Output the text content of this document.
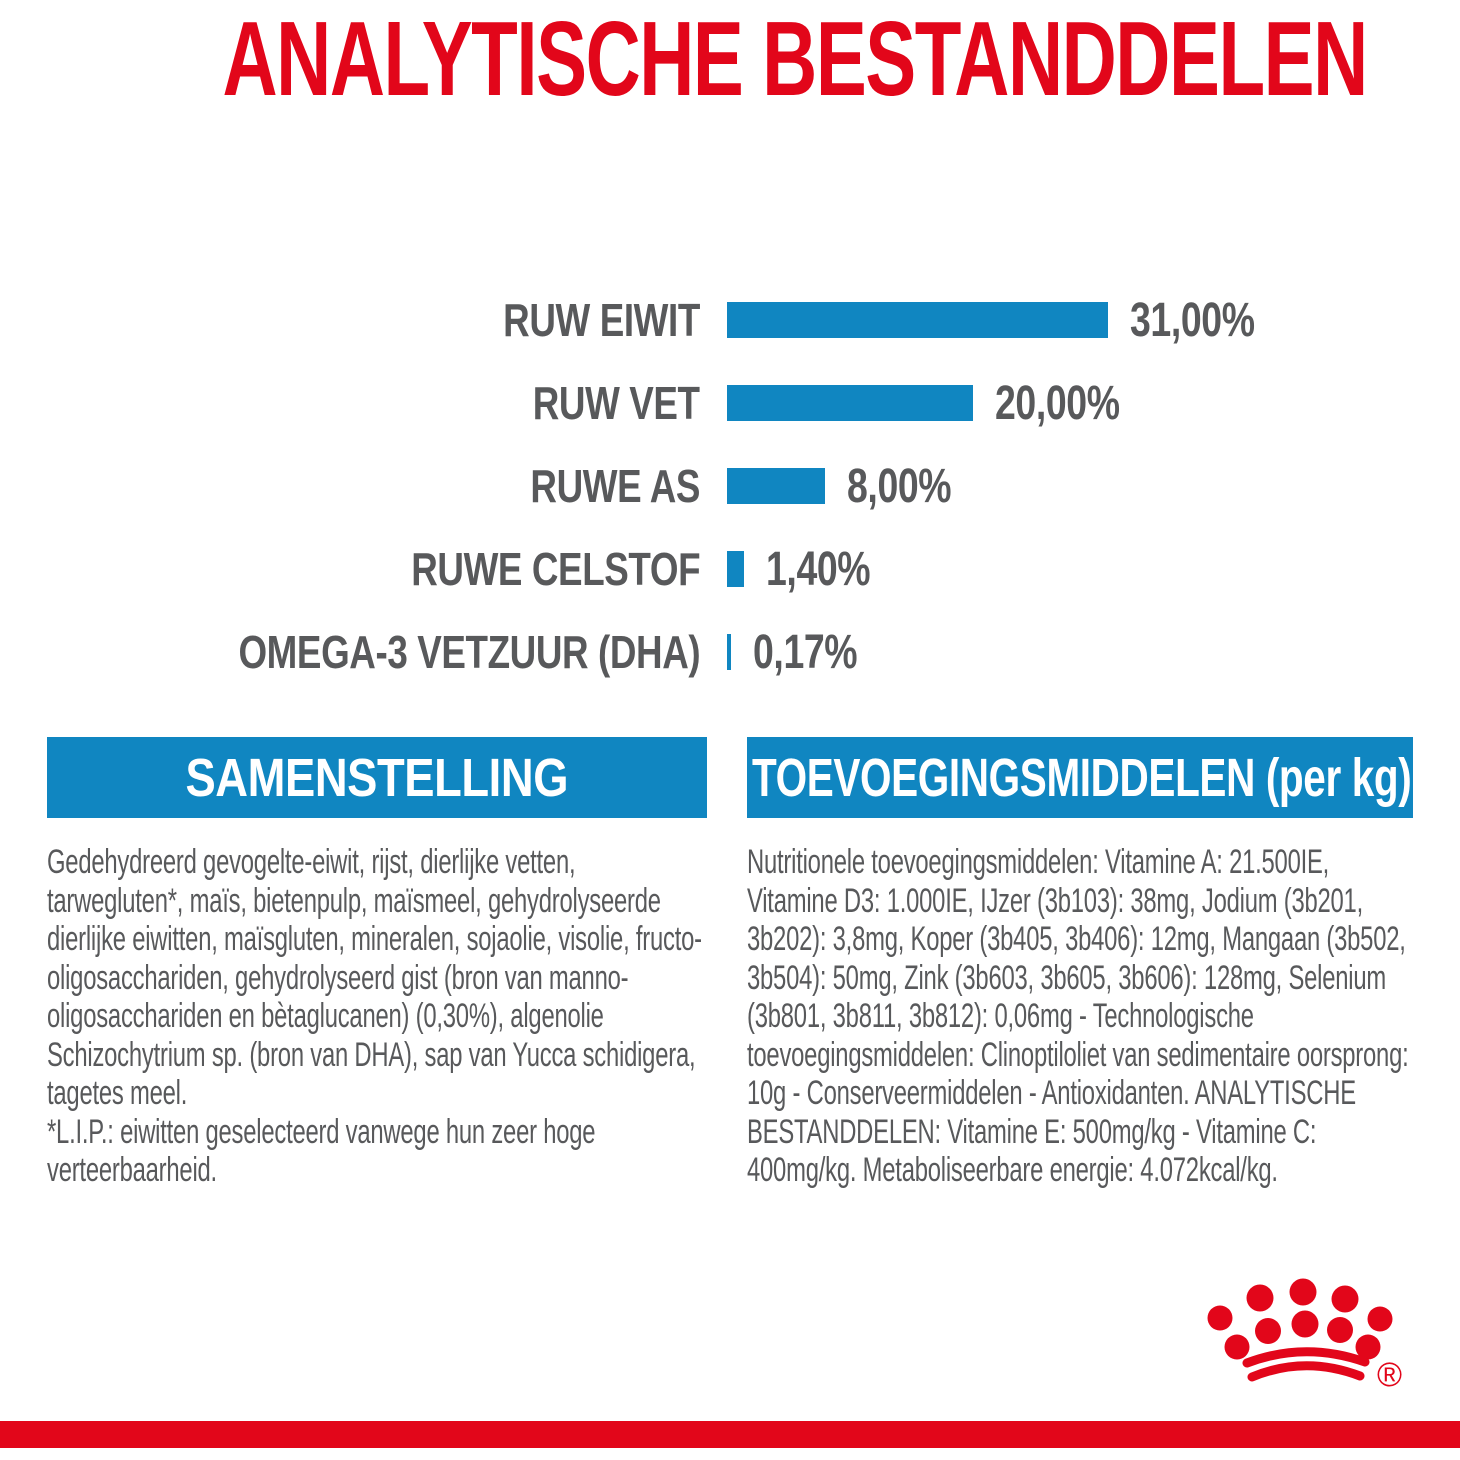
ANALYTISCHE BESTANDDELEN
RUW EIWIT	31,00%
RUW VET	20,00%
RUWE AS	8,00%
RUWE CELSTOF 1,40%
OMEGA-3 VETZUUR (DHA) 0,17%
SAMENSTELLING

Gedehydreerd gevogelte-eiwit, rijst, dierlijke vetten, tarwegluten*, maïs, bietenpulp, maïsmeel, gehydrolyseerde dierlijke eiwitten, maïsgluten, mineralen, sojaolie, visolie, fructo-oligosacchariden, gehydrolyseerd gist (bron van manno-oligosacchariden en bètaglucanen) (0,30%), algenolie Schizochytrium sp. (bron van DHA), sap van Yucca schidigera, tagetes meel.

*L.I.P.: eiwitten geselecteerd vanwege hun zeer hoge verteerbaarheid.

TOEVOEGINGSMIDDELEN (per kg)

Nutritionele toevoegingsmiddelen: Vitamine A: 21.500IE, Vitamine D3: 1.000IE, IJzer (3b103): 38mg, Jodium (3b201, 3b202): 3,8mg, Koper (3b405, 3b406): 12mg, Mangaan (3b502, 3b504): 50mg, Zink (3b603, 3b605, 3b606): 128mg, Selenium (3b801, 3b811, 3b812): 0,06mg - Technologische toevoegingsmiddelen: Clinoptiloliet van sedimentaire oorsprong: 10g - Conserveermiddelen - Antioxidanten. ANALYTISCHE BESTANDDELEN: Vitamine E: 500mg/kg - Vitamine C: 400mg/kg. Metaboliseerbare energie: 4.072kcal/kg.

®
